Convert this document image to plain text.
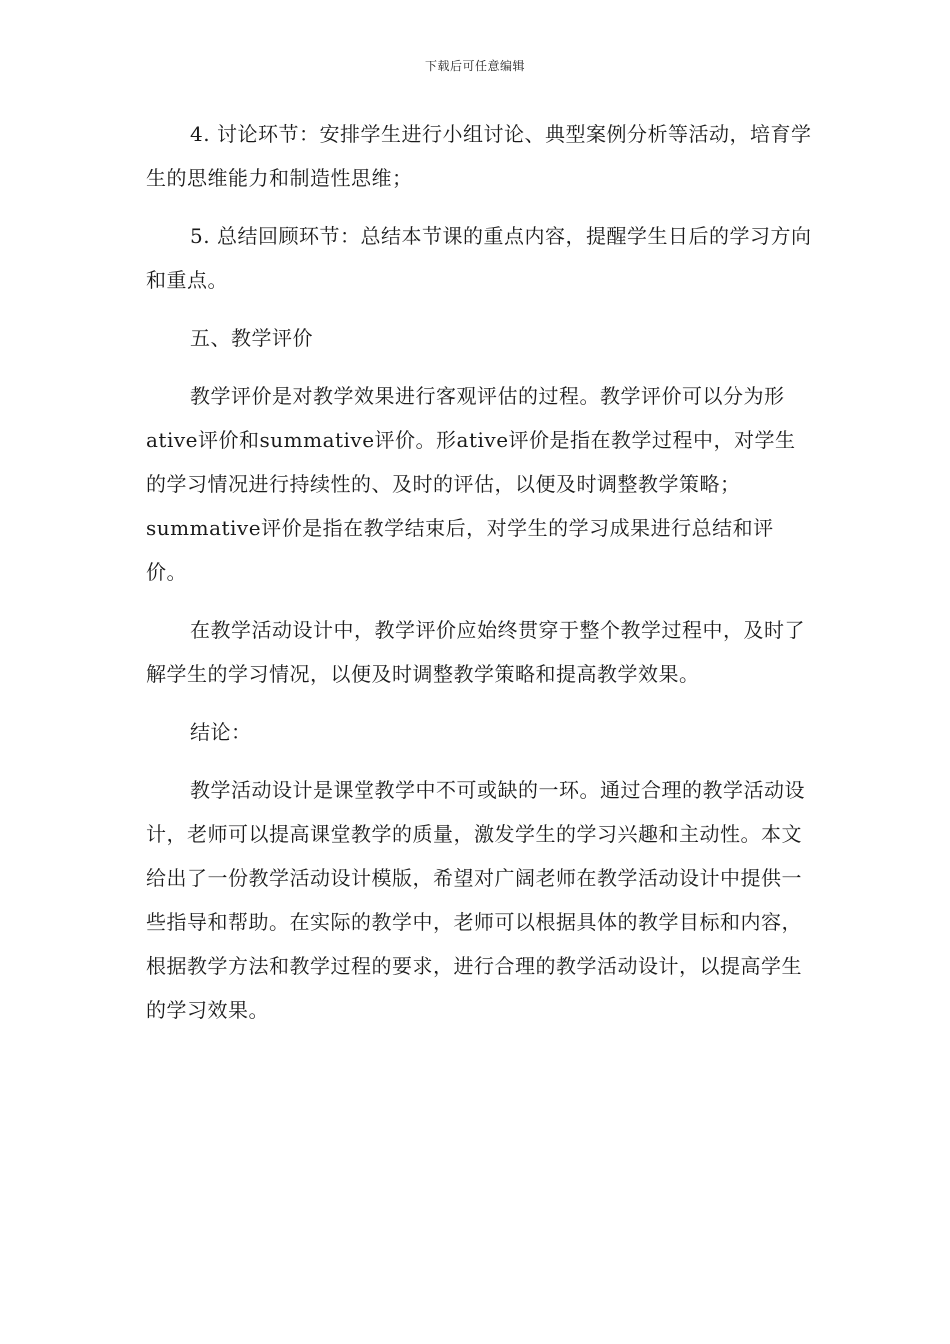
下载后可任意编辑

4. 讨论环节：安排学生进行小组讨论、典型案例分析等活动，培育学生的思维能力和制造性思维；

5. 总结回顾环节：总结本节课的重点内容，提醒学生日后的学习方向和重点。

五、教学评价

教学评价是对教学效果进行客观评估的过程。教学评价可以分为形ative评价和summative评价。形ative评价是指在教学过程中，对学生的学习情况进行持续性的、及时的评估，以便及时调整教学策略；summative评价是指在教学结束后，对学生的学习成果进行总结和评价。

在教学活动设计中，教学评价应始终贯穿于整个教学过程中，及时了解学生的学习情况，以便及时调整教学策略和提高教学效果。

结论：

教学活动设计是课堂教学中不可或缺的一环。通过合理的教学活动设计，老师可以提高课堂教学的质量，激发学生的学习兴趣和主动性。本文给出了一份教学活动设计模版，希望对广阔老师在教学活动设计中提供一些指导和帮助。在实际的教学中，老师可以根据具体的教学目标和内容，根据教学方法和教学过程的要求，进行合理的教学活动设计，以提高学生的学习效果。
